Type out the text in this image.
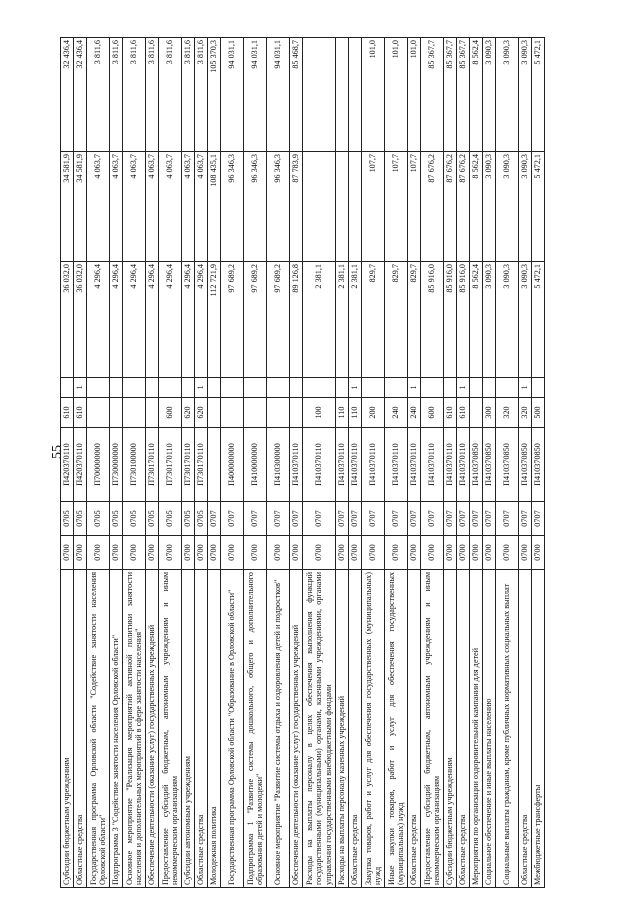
55
Субсидии бюджетным учреждениям	0700	0705	П420370110	610		36 032,0	34 581,9	32 436,4
Областные средства	0700	0705	П420370110	610	1	36 032,0	34 581,9	32 436,4
Государственная программа Орловской области "Содействие занятости населения Орловской области"	0700	0705	П700000000			4 296,4	4 063,7	3 811,6
Подпрограмма 3 "Содействие занятости населения Орловской области"	0700	0705	П730000000			4 296,4	4 063,7	3 811,6
Основное мероприятие "Реализация мероприятий активной политики занятости населения и дополнительных мероприятий в сфере занятости населения"	0700	0705	П730100000			4 296,4	4 063,7	3 811,6
Обеспечение деятельности (оказание услуг) государственных учреждений	0700	0705	П730170110			4 296,4	4 063,7	3 811,6
Предоставление субсидий бюджетным, автономным учреждениям и иным некоммерческим организациям	0700	0705	П730170110	600		4 296,4	4 063,7	3 811,6
Субсидии автономным учреждениям	0700	0705	П730170110	620		4 296,4	4 063,7	3 811,6
Областные средства	0700	0705	П730170110	620	1	4 296,4	4 063,7	3 811,6
Молодежная политика	0700	0707				112 721,9	108 435,1	105 370,3
Государственная программа Орловской области "Образование в Орловской области"	0700	0707	П400000000			97 689,2	96 346,3	94 031,1
Подпрограмма 1 "Развитие системы дошкольного, общего и дополнительного образования детей и молодежи"	0700	0707	П410000000			97 689,2	96 346,3	94 031,1
Основное мероприятие "Развитие системы отдыха и оздоровления детей и подростков"	0700	0707	П410300000			97 689,2	96 346,3	94 031,1
Обеспечение деятельности (оказание услуг) государственных учреждений	0700	0707	П410370110			89 126,8	87 783,9	85 468,7
Расходы на выплаты персоналу в целях обеспечения выполнения функций государственными (муниципальными) органами, казенными учреждениями, органами управления государственными внебюджетными фондами	0700	0707	П410370110	100		2 381,1		
Расходы на выплаты персоналу казенных учреждений	0700	0707	П410370110	110		2 381,1		
Областные средства	0700	0707	П410370110	110	1	2 381,1		
Закупка товаров, работ и услуг для обеспечения государственных (муниципальных) нужд	0700	0707	П410370110	200		829,7	107,7	101,0
Иные закупки товаров, работ и услуг для обеспечения государственных (муниципальных) нужд	0700	0707	П410370110	240		829,7	107,7	101,0
Областные средства	0700	0707	П410370110	240	1	829,7	107,7	101,0
Предоставление субсидий бюджетным, автономным учреждениям и иным некоммерческим организациям	0700	0707	П410370110	600		85 916,0	87 676,2	85 367,7
Субсидии бюджетным учреждениям	0700	0707	П410370110	610		85 916,0	87 676,2	85 367,7
Областные средства	0700	0707	П410370110	610	1	85 916,0	87 676,2	85 367,7
Мероприятия по организации оздоровительной кампании для детей	0700	0707	П410370850			8 562,4	8 562,4	8 562,4
Социальное обеспечение и иные выплаты населению	0700	0707	П410370850	300		3 090,3	3 090,3	3 090,3
Социальные выплаты гражданам, кроме публичных нормативных социальных выплат	0700	0707	П410370850	320		3 090,3	3 090,3	3 090,3
Областные средства	0700	0707	П410370850	320	1	3 090,3	3 090,3	3 090,3
Межбюджетные трансферты	0700	0707	П410370850	500		5 472,1	5 472,1	5 472,1
